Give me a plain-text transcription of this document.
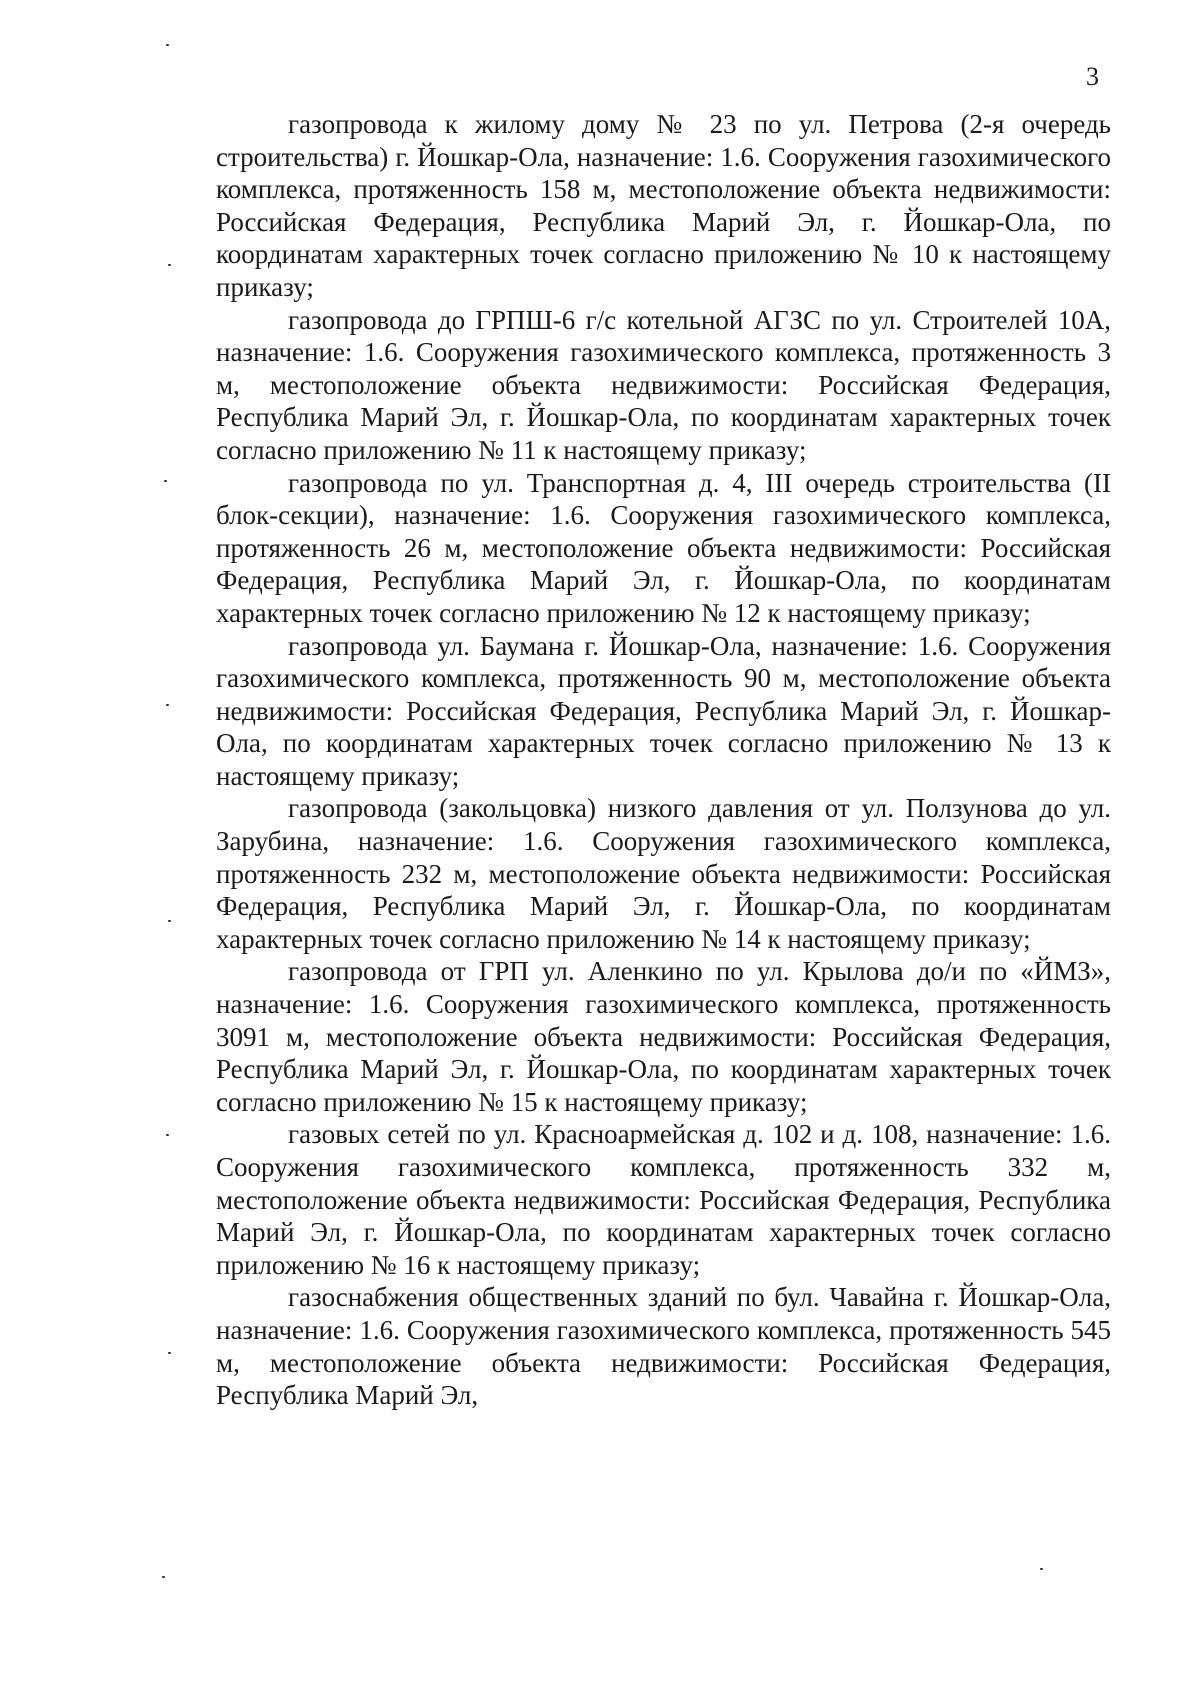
3

газопровода к жилому дому № 23 по ул. Петрова (2-я очередь строительства) г. Йошкар-Ола, назначение: 1.6. Сооружения газохимического комплекса, протяженность 158 м, местоположение объекта недвижимости: Российская Федерация, Республика Марий Эл, г. Йошкар-Ола, по координатам характерных точек согласно приложению № 10 к настоящему приказу;

газопровода до ГРПШ-6 г/с котельной АГЗС по ул. Строителей 10А, назначение: 1.6. Сооружения газохимического комплекса, протяженность 3 м, местоположение объекта недвижимости: Российская Федерация, Республика Марий Эл, г. Йошкар-Ола, по координатам характерных точек согласно приложению № 11 к настоящему приказу;

газопровода по ул. Транспортная д. 4, III очередь строительства (II блок-секции), назначение: 1.6. Сооружения газохимического комплекса, протяженность 26 м, местоположение объекта недвижимости: Российская Федерация, Республика Марий Эл, г. Йошкар-Ола, по координатам характерных точек согласно приложению № 12 к настоящему приказу;

газопровода ул. Баумана г. Йошкар-Ола, назначение: 1.6. Сооружения газохимического комплекса, протяженность 90 м, местоположение объекта недвижимости: Российская Федерация, Республика Марий Эл, г. Йошкар-Ола, по координатам характерных точек согласно приложению № 13 к настоящему приказу;

газопровода (закольцовка) низкого давления от ул. Ползунова до ул. Зарубина, назначение: 1.6. Сооружения газохимического комплекса, протяженность 232 м, местоположение объекта недвижимости: Российская Федерация, Республика Марий Эл, г. Йошкар-Ола, по координатам характерных точек согласно приложению № 14 к настоящему приказу;

газопровода от ГРП ул. Аленкино по ул. Крылова до/и по «ЙМЗ», назначение: 1.6. Сооружения газохимического комплекса, протяженность 3091 м, местоположение объекта недвижимости: Российская Федерация, Республика Марий Эл, г. Йошкар-Ола, по координатам характерных точек согласно приложению № 15 к настоящему приказу;

газовых сетей по ул. Красноармейская д. 102 и д. 108, назначение: 1.6. Сооружения газохимического комплекса, протяженность 332 м, местоположение объекта недвижимости: Российская Федерация, Республика Марий Эл, г. Йошкар-Ола, по координатам характерных точек согласно приложению № 16 к настоящему приказу;

газоснабжения общественных зданий по бул. Чавайна г. Йошкар-Ола, назначение: 1.6. Сооружения газохимического комплекса, протяженность 545 м, местоположение объекта недвижимости: Российская Федерация, Республика Марий Эл,
